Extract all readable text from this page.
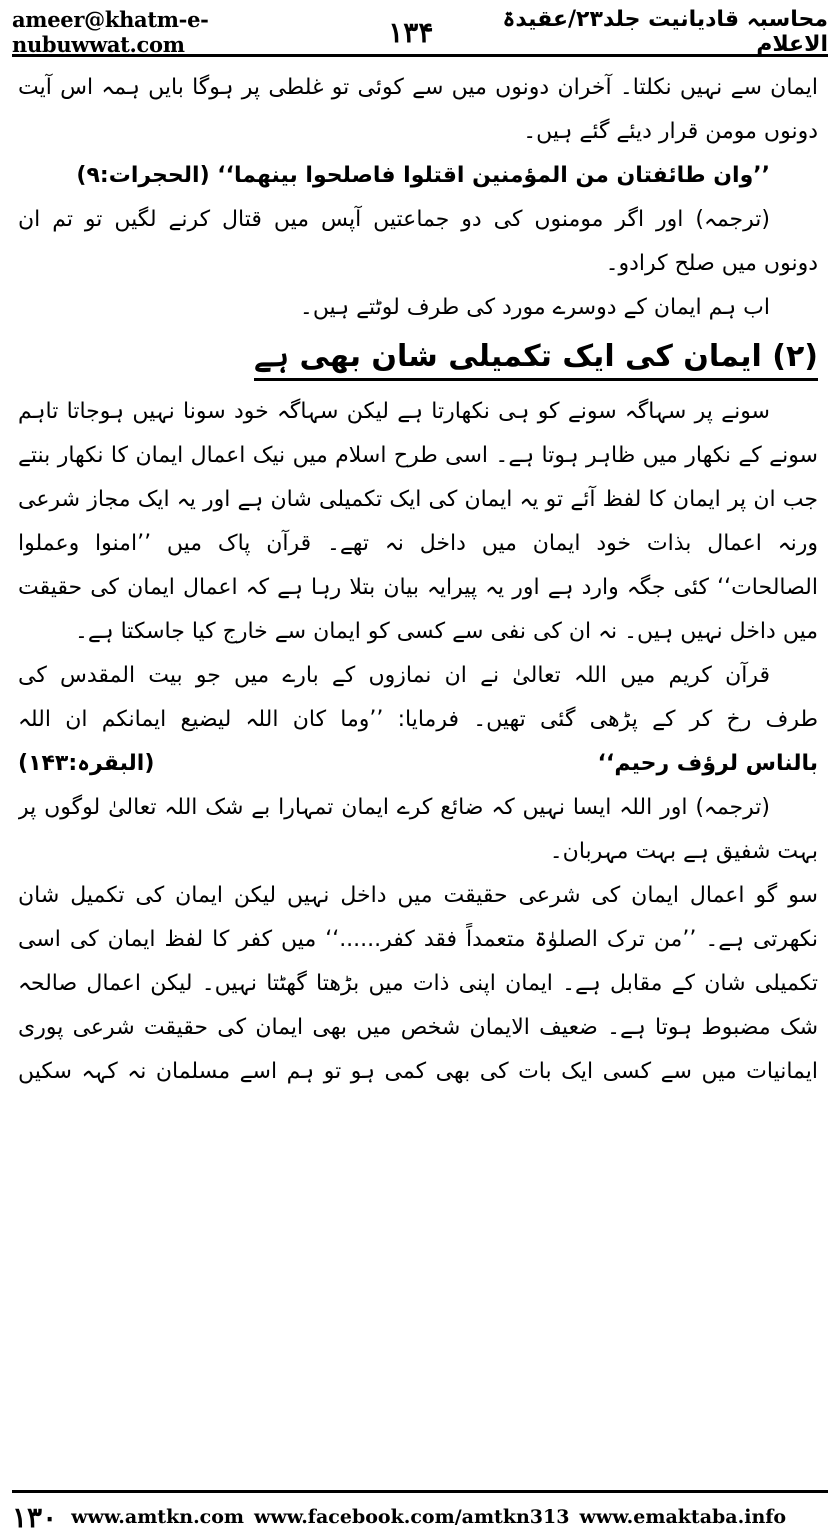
ameer@khatm-e-nubuwwat.com	۱۳۴	محاسبہ قادیانیت جلد۲۳/عقیدۃ الاعلام
ایمان سے نہیں نکلتا۔ آخران دونوں میں سے کوئی تو غلطی پر ہوگا بایں ہمہ اس آیت
دونوں مومن قرار دیئے گئے ہیں۔
’’وان طائفتان من المؤمنین اقتلوا فاصلحوا بینھما‘‘ (الحجرات:۹)
(ترجمہ) اور اگر مومنوں کی دو جماعتیں آپس میں قتال کرنے لگیں تو تم ان
دونوں میں صلح کرادو۔
اب ہم ایمان کے دوسرے مورد کی طرف لوٹتے ہیں۔
(۲) ایمان کی ایک تکمیلی شان بھی ہے
سونے پر سہاگہ سونے کو ہی نکھارتا ہے لیکن سہاگہ خود سونا نہیں ہوجاتا تاہم
سونے کے نکھار میں ظاہر ہوتا ہے۔ اسی طرح اسلام میں نیک اعمال ایمان کا نکھار بنتے
جب ان پر ایمان کا لفظ آئے تو یہ ایمان کی ایک تکمیلی شان ہے اور یہ ایک مجاز شرعی
ورنہ اعمال بذات خود ایمان میں داخل نہ تھے۔ قرآن پاک میں ’’امنوا وعملوا
الصالحات‘‘ کئی جگہ وارد ہے اور یہ پیرایہ بیان بتلا رہا ہے کہ اعمال ایمان کی حقیقت
میں داخل نہیں ہیں۔ نہ ان کی نفی سے کسی کو ایمان سے خارج کیا جاسکتا ہے۔
قرآن کریم میں اللہ تعالیٰ نے ان نمازوں کے بارے میں جو بیت المقدس کی
طرف رخ کر کے پڑھی گئی تھیں۔ فرمایا: ’’وما کان اللہ لیضیع ایمانکم ان اللہ
بالناس لرؤف رحیم‘‘
(البقرہ:۱۴۳)
(ترجمہ) اور اللہ ایسا نہیں کہ ضائع کرے ایمان تمہارا بے شک اللہ تعالیٰ لوگوں پر
بہت شفیق ہے بہت مہربان۔
سو گو اعمال ایمان کی شرعی حقیقت میں داخل نہیں لیکن ایمان کی تکمیل شان
نکھرتی ہے۔ ’’من ترک الصلوٰۃ متعمداً فقد کفر......‘‘ میں کفر کا لفظ ایمان کی اسی
تکمیلی شان کے مقابل ہے۔ ایمان اپنی ذات میں بڑھتا گھٹتا نہیں۔ لیکن اعمال صالحہ
شک مضبوط ہوتا ہے۔ ضعیف الایمان شخص میں بھی ایمان کی حقیقت شرعی پوری
ایمانیات میں سے کسی ایک بات کی بھی کمی ہو تو ہم اسے مسلمان نہ کہہ سکیں
۱۳۰ www.amtkn.com www.facebook.com/amtkn313 www.emaktaba.info
